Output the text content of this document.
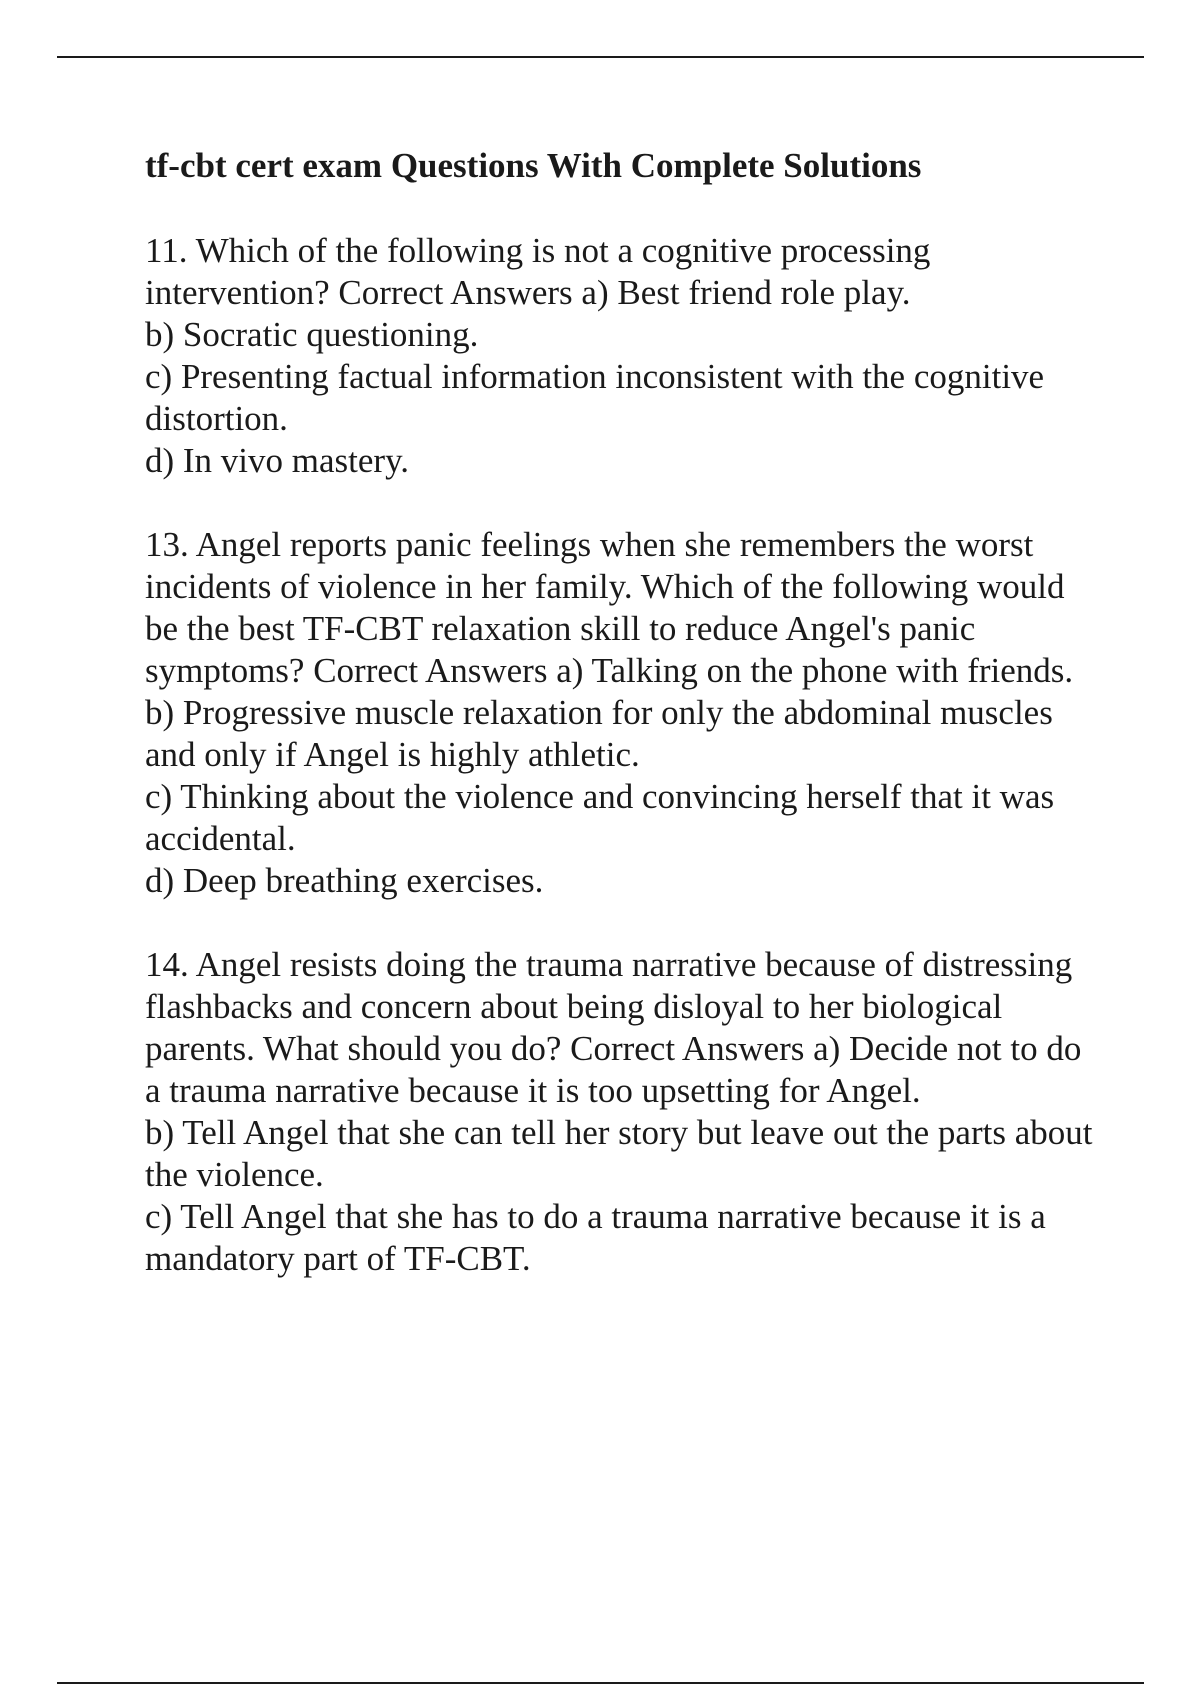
tf-cbt cert exam Questions With Complete Solutions
11. Which of the following is not a cognitive processing intervention? Correct Answers a) Best friend role play.
b) Socratic questioning.
c) Presenting factual information inconsistent with the cognitive distortion.
d) In vivo mastery.
13. Angel reports panic feelings when she remembers the worst incidents of violence in her family. Which of the following would be the best TF-CBT relaxation skill to reduce Angel's panic symptoms? Correct Answers a) Talking on the phone with friends.
b) Progressive muscle relaxation for only the abdominal muscles and only if Angel is highly athletic.
c) Thinking about the violence and convincing herself that it was accidental.
d) Deep breathing exercises.
14. Angel resists doing the trauma narrative because of distressing flashbacks and concern about being disloyal to her biological parents. What should you do? Correct Answers a) Decide not to do a trauma narrative because it is too upsetting for Angel.
b) Tell Angel that she can tell her story but leave out the parts about the violence.
c) Tell Angel that she has to do a trauma narrative because it is a mandatory part of TF-CBT.
